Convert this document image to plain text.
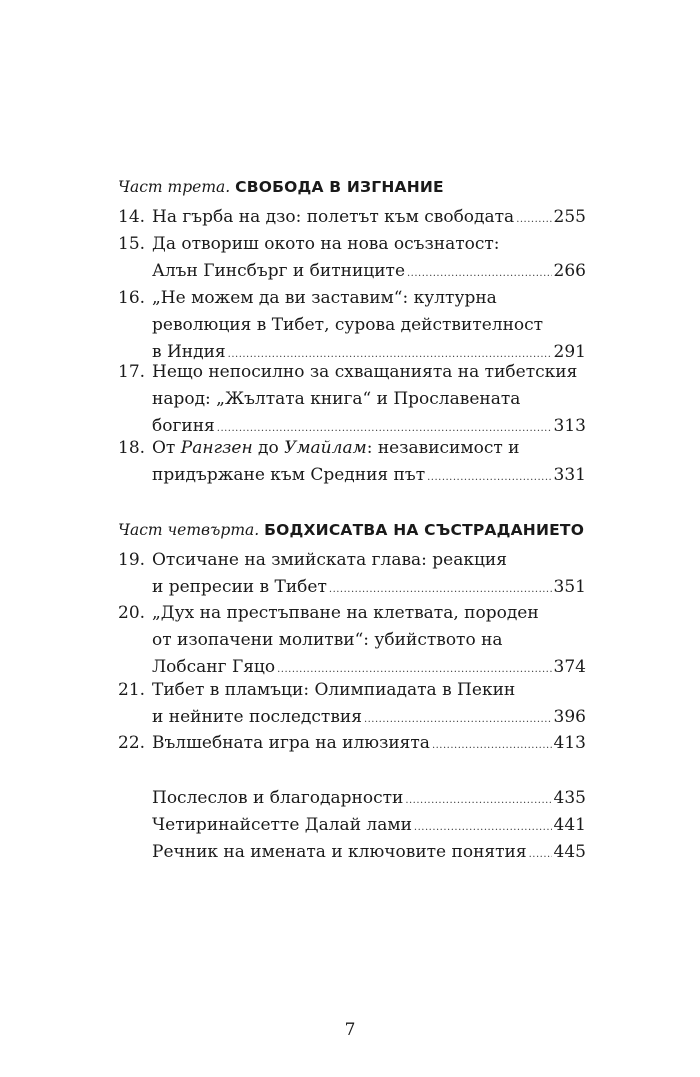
Част трета. СВОБОДА В ИЗГНАНИЕ
14. На гърба на дзо: полетът към свободата ..... 255
15. Да отвориш окото на нова осъзнатост:
Алън Гинсбърг и битниците .....	266
16. „Не можем да ви заставим“: културна
революция в Тибет, сурова действителност
в Индия .....	291
17. Нещо непосилно за схващанията на тибетския
народ: „Жълтата книга“ и Прославената
богиня .....	313
18. От Рангзен до Умайлам: независимост и
придържане към Средния път .....	331
Част четвърта. БОДХИСАТВА НА СЪСТРАДАНИЕТО
19. Отсичане на змийската глава: реакция
и репресии в Тибет .....	351
20. „Дух на престъпване на клетвата, породен
от изопачени молитви“: убийството на
Лобсанг Гяцо .....	374
21. Тибет в пламъци: Олимпиадата в Пекин
и нейните последствия .....	396
22. Вълшебната игра на илюзията .....	413
Послеслов и благодарности .....	435
Четиринайсетте Далай лами .....	441
Речник на имената и ключовите понятия ..... 445
7
